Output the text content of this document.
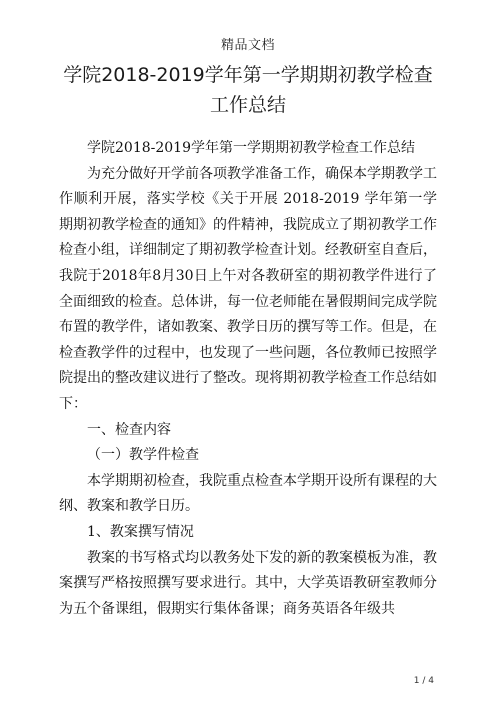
精品文档
学院2018-2019学年第一学期期初教学检查工作总结

学院2018-2019学年第一学期期初教学检查工作总结

为充分做好开学前各项教学准备工作，确保本学期教学工作顺利开展，落实学校《关于开展 2018-2019 学年第一学期期初教学检查的通知》的件精神，我院成立了期初教学工作检查小组，详细制定了期初教学检查计划。经教研室自查后，我院于2018年8月30日上午对各教研室的期初教学件进行了全面细致的检查。总体讲，每一位老师能在暑假期间完成学院布置的教学件，诸如教案、教学日历的撰写等工作。但是，在检查教学件的过程中，也发现了一些问题，各位教师已按照学院提出的整改建议进行了整改。现将期初教学检查工作总结如下：

一、检查内容

（一）教学件检查

本学期期初检查，我院重点检查本学期开设所有课程的大纲、教案和教学日历。

1、教案撰写情况

教案的书写格式均以教务处下发的新的教案模板为准，教案撰写严格按照撰写要求进行。其中，大学英语教研室教师分为五个备课组，假期实行集体备课；商务英语各年级共

1 / 4
